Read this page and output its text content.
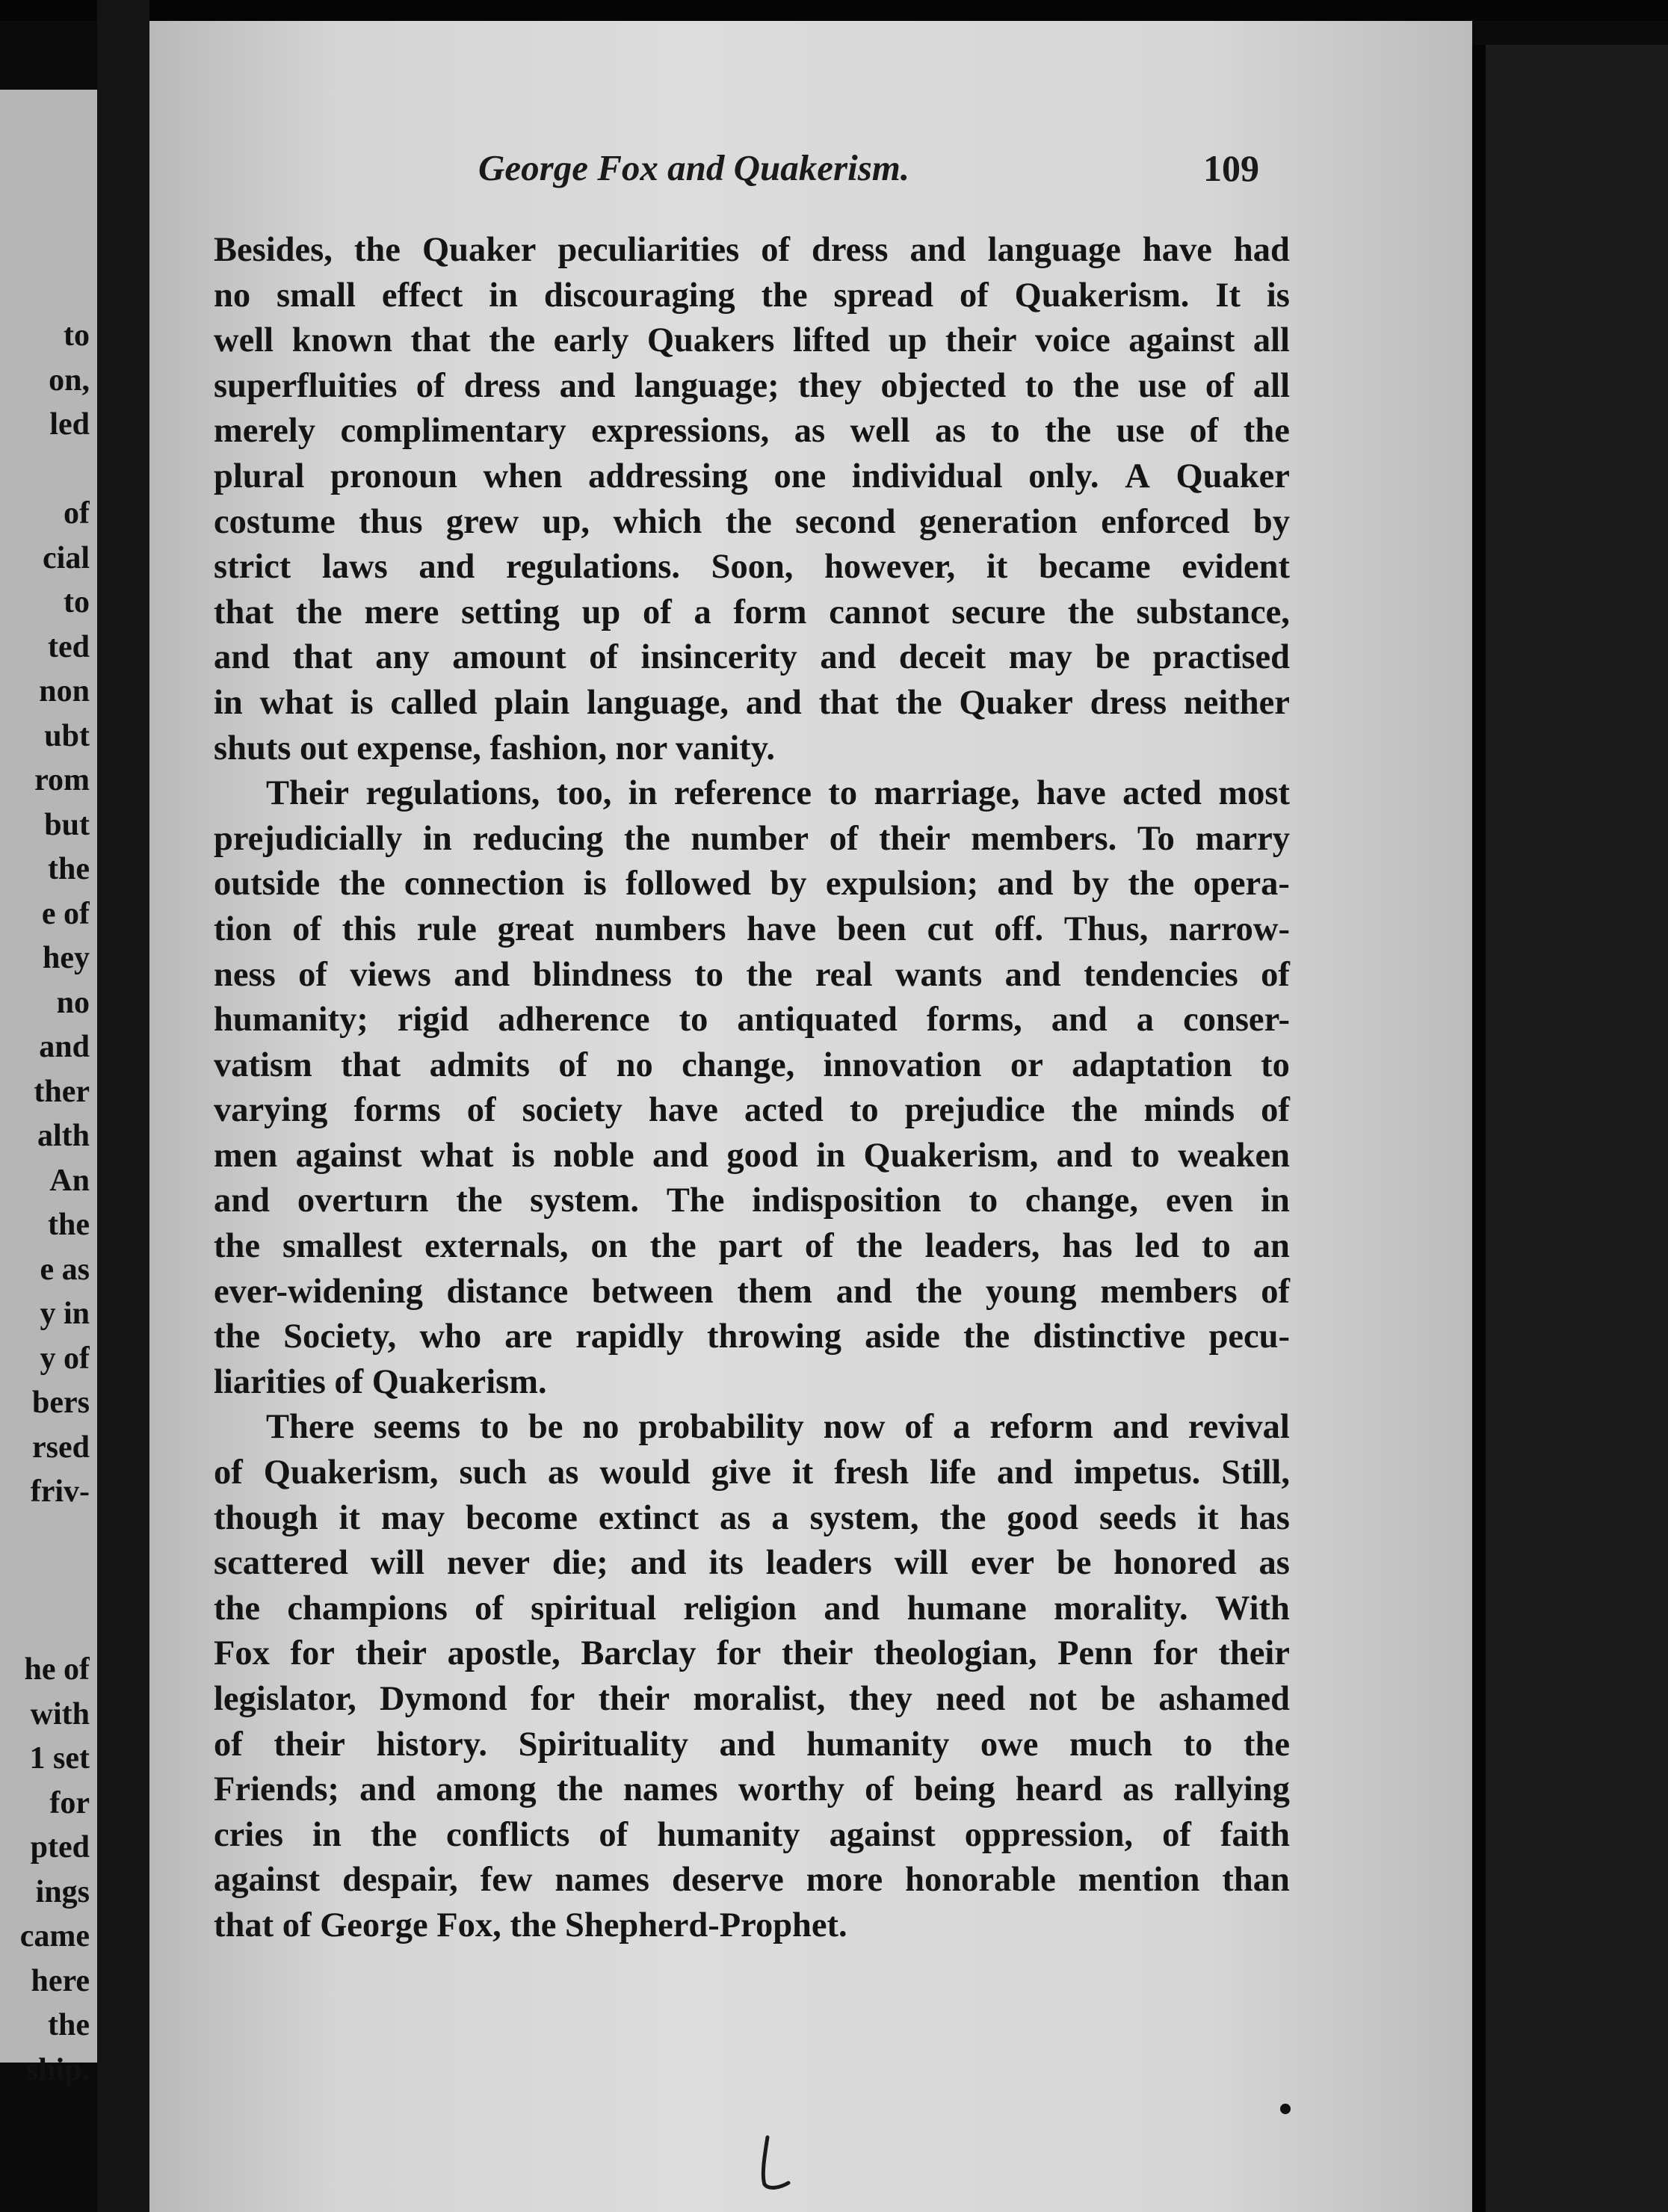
to
on,
led
of
cial
to
ted
non
ubt
rom
but
the
e of
hey
no
and
ther
alth
An
the
e as
y in
y of
bers
rsed
friv-
he of
with
1 set
for
pted
ings
came
here
the
ship.
George Fox and Quakerism.	109
Besides, the Quaker peculiarities of dress and language have had
no small effect in discouraging the spread of Quakerism. It is
well known that the early Quakers lifted up their voice against all
superfluities of dress and language; they objected to the use of all
merely complimentary expressions, as well as to the use of the
plural pronoun when addressing one individual only. A Quaker
costume thus grew up, which the second generation enforced by
strict laws and regulations. Soon, however, it became evident
that the mere setting up of a form cannot secure the substance,
and that any amount of insincerity and deceit may be practised
in what is called plain language, and that the Quaker dress neither
shuts out expense, fashion, nor vanity.
Their regulations, too, in reference to marriage, have acted most
prejudicially in reducing the number of their members. To marry
outside the connection is followed by expulsion; and by the opera-
tion of this rule great numbers have been cut off. Thus, narrow-
ness of views and blindness to the real wants and tendencies of
humanity; rigid adherence to antiquated forms, and a conser-
vatism that admits of no change, innovation or adaptation to
varying forms of society have acted to prejudice the minds of
men against what is noble and good in Quakerism, and to weaken
and overturn the system. The indisposition to change, even in
the smallest externals, on the part of the leaders, has led to an
ever-widening distance between them and the young members of
the Society, who are rapidly throwing aside the distinctive pecu-
liarities of Quakerism.
There seems to be no probability now of a reform and revival
of Quakerism, such as would give it fresh life and impetus. Still,
though it may become extinct as a system, the good seeds it has
scattered will never die; and its leaders will ever be honored as
the champions of spiritual religion and humane morality. With
Fox for their apostle, Barclay for their theologian, Penn for their
legislator, Dymond for their moralist, they need not be ashamed
of their history. Spirituality and humanity owe much to the
Friends; and among the names worthy of being heard as rallying
cries in the conflicts of humanity against oppression, of faith
against despair, few names deserve more honorable mention than
that of George Fox, the Shepherd-Prophet.
